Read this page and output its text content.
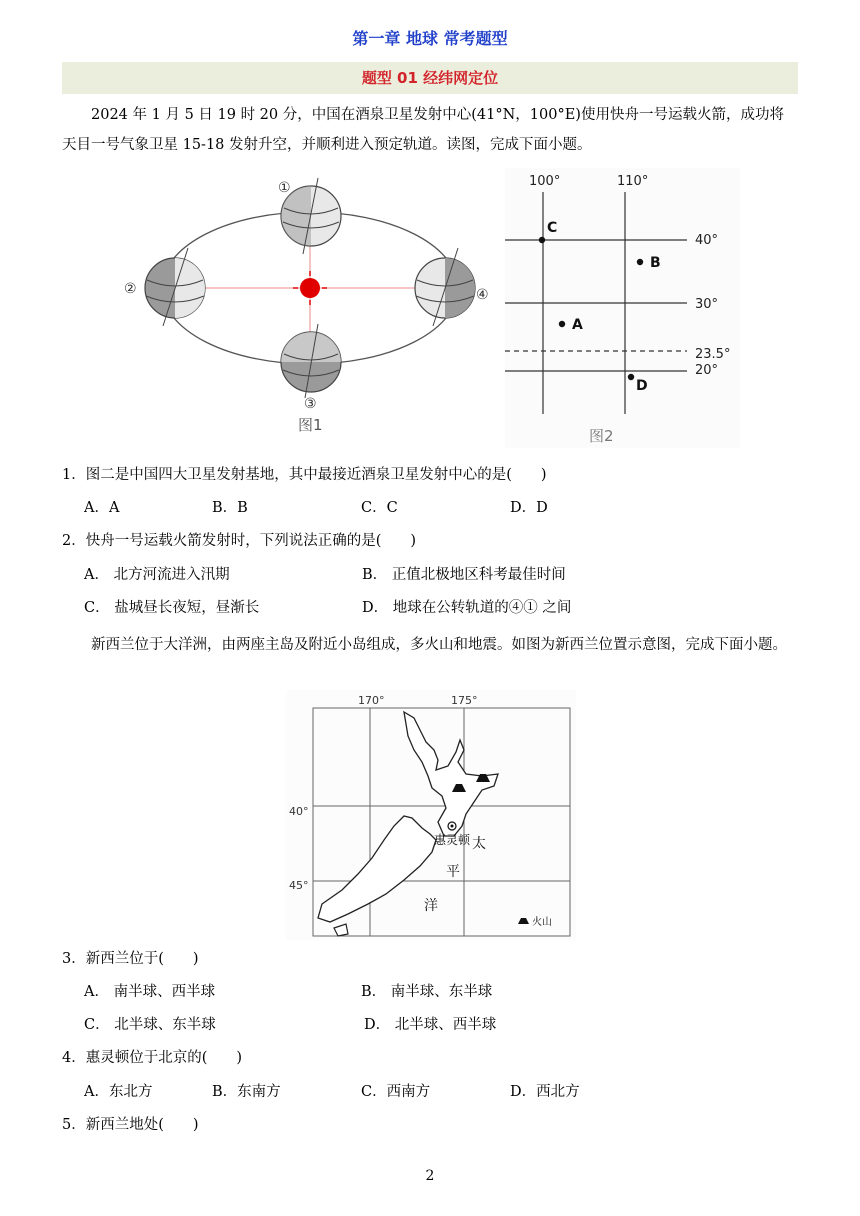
第一章 地球 常考题型
题型 01 经纬网定位
2024 年 1 月 5 日 19 时 20 分，中国在酒泉卫星发射中心(41°N，100°E)使用快舟一号运载火箭，成功将天目一号气象卫星 15-18 发射升空，并顺利进入预定轨道。读图，完成下面小题。
①
②
③
④
图1
100°	110°
40°
30°
23.5°
20°
C
B
A
D
图2
1．图二是中国四大卫星发射基地，其中最接近酒泉卫星发射中心的是(　　)
A．A	B．B	C．C	D．D
2．快舟一号运载火箭发射时，下列说法正确的是(　　)
A． 北方河流进入汛期	B． 正值北极地区科考最佳时间
C． 盐城昼长夜短，昼渐长	D． 地球在公转轨道的④① 之间
新西兰位于大洋洲，由两座主岛及附近小岛组成，多火山和地震。如图为新西兰位置示意图，完成下面小题。
170°	175°
40°
45°
惠灵顿 太
平
洋
火山
3．新西兰位于(　　)
A． 南半球、西半球	B． 南半球、东半球
C． 北半球、东半球	D． 北半球、西半球
4．惠灵顿位于北京的(　　)
A．东北方	B．东南方	C．西南方	D．西北方
5．新西兰地处(　　)
2
